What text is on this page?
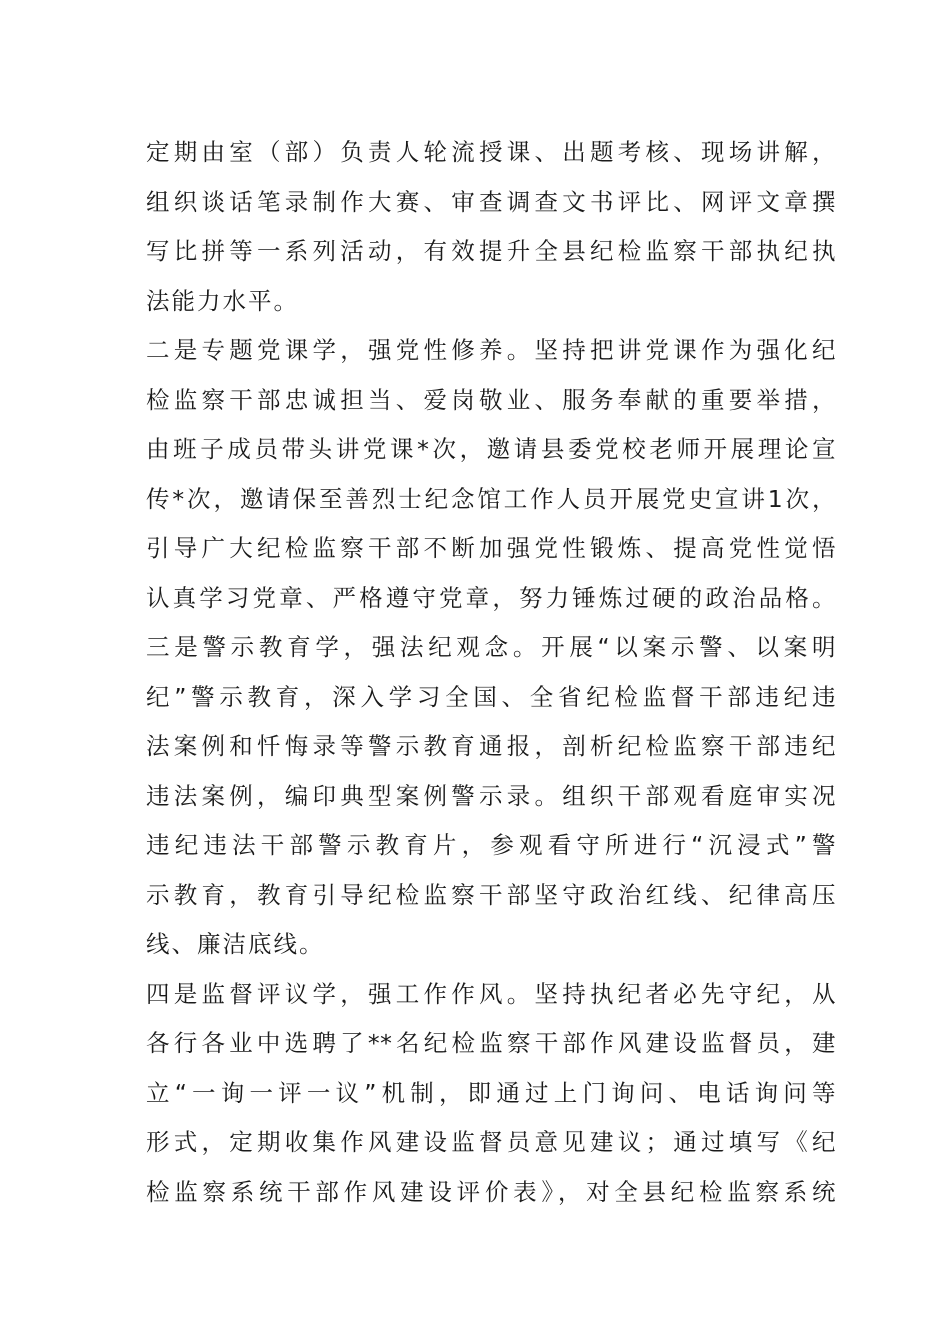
定期由室（部）负责人轮流授课、出题考核、现场讲解，
组织谈话笔录制作大赛、审查调查文书评比、网评文章撰
写比拼等一系列活动，有效提升全县纪检监察干部执纪执
法能力水平。
二是专题党课学，强党性修养。坚持把讲党课作为强化纪
检监察干部忠诚担当、爱岗敬业、服务奉献的重要举措，
由班子成员带头讲党课*次，邀请县委党校老师开展理论宣
传*次，邀请保至善烈士纪念馆工作人员开展党史宣讲1次，
引导广大纪检监察干部不断加强党性锻炼、提高党性觉悟
认真学习党章、严格遵守党章，努力锤炼过硬的政治品格。
三是警示教育学，强法纪观念。开展“以案示警、以案明
纪”警示教育，深入学习全国、全省纪检监督干部违纪违
法案例和忏悔录等警示教育通报，剖析纪检监察干部违纪
违法案例，编印典型案例警示录。组织干部观看庭审实况
违纪违法干部警示教育片，参观看守所进行“沉浸式”警
示教育，教育引导纪检监察干部坚守政治红线、纪律高压
线、廉洁底线。
四是监督评议学，强工作作风。坚持执纪者必先守纪，从
各行各业中选聘了**名纪检监察干部作风建设监督员，建
立“一询一评一议”机制，即通过上门询问、电话询问等
形式，定期收集作风建设监督员意见建议；通过填写《纪
检监察系统干部作风建设评价表》，对全县纪检监察系统
